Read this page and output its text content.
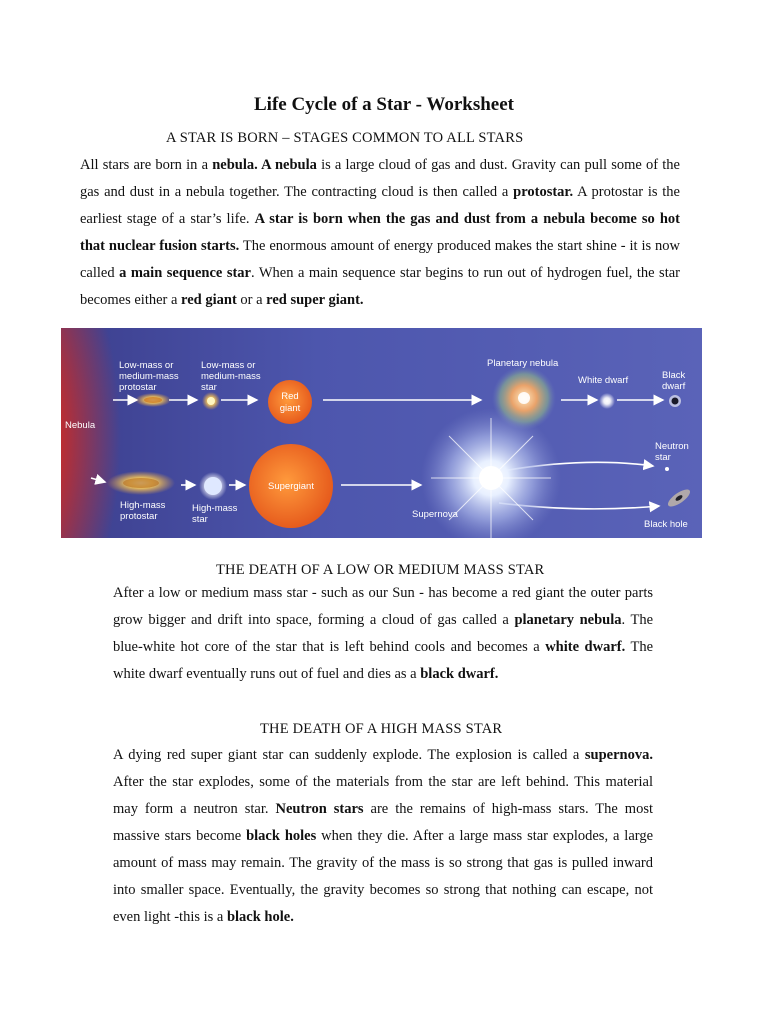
Life Cycle of a Star - Worksheet
A STAR IS BORN – STAGES COMMON TO ALL STARS

All stars are born in a nebula. A nebula is a large cloud of gas and dust. Gravity can pull some of the gas and dust in a nebula together. The contracting cloud is then called a protostar. A protostar is the earliest stage of a star’s life. A star is born when the gas and dust from a nebula become so hot that nuclear fusion starts. The enormous amount of energy produced makes the start shine - it is now called a main sequence star. When a main sequence star begins to run out of hydrogen fuel, the star becomes either a red giant or a red super giant.

Nebula
Low-mass or
medium-mass
protostar
Low-mass or
medium-mass
star
Red
giant
Planetary nebula
White dwarf	Black
dwarf
Neutron
star
High-mass
protostar
High-mass
star
Supergiant
Supernova
Black hole
THE DEATH OF A LOW OR MEDIUM MASS STAR

After a low or medium mass star - such as our Sun - has become a red giant the outer parts grow bigger and drift into space, forming a cloud of gas called a planetary nebula. The blue-white hot core of the star that is left behind cools and becomes a white dwarf. The white dwarf eventually runs out of fuel and dies as a black dwarf.

THE DEATH OF A HIGH MASS STAR

A dying red super giant star can suddenly explode. The explosion is called a supernova. After the star explodes, some of the materials from the star are left behind. This material may form a neutron star. Neutron stars are the remains of high-mass stars. The most massive stars become black holes when they die. After a large mass star explodes, a large amount of mass may remain. The gravity of the mass is so strong that gas is pulled inward into smaller space. Eventually, the gravity becomes so strong that nothing can escape, not even light -this is a black hole.
